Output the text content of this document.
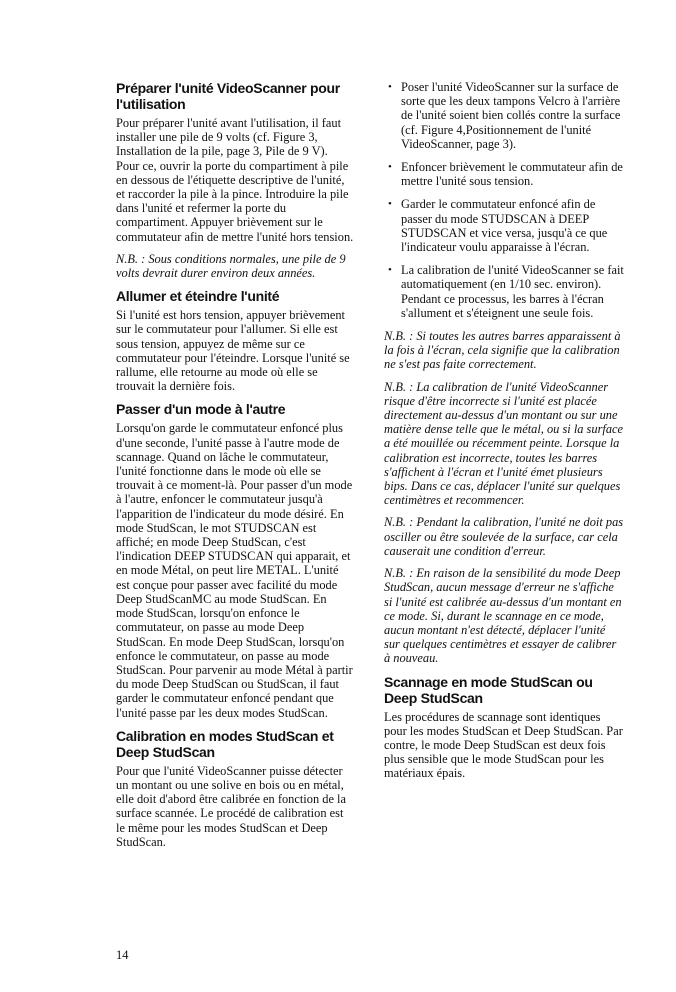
Préparer l'unité VideoScanner pour l'utilisation

Pour préparer l'unité avant l'utilisation, il faut installer une pile de 9 volts (cf. Figure 3, Installation de la pile, page 3, Pile de 9 V). Pour ce, ouvrir la porte du compartiment à pile en dessous de l'étiquette descriptive de l'unité, et raccorder la pile à la pince. Introduire la pile dans l'unité et refermer la porte du compartiment. Appuyer brièvement sur le commutateur afin de mettre l'unité hors tension.

N.B. : Sous conditions normales, une pile de 9 volts devrait durer environ deux années.

Allumer et éteindre l'unité

Si l'unité est hors tension, appuyer brièvement sur le commutateur pour l'allumer. Si elle est sous tension, appuyez de même sur ce commutateur pour l'éteindre. Lorsque l'unité se rallume, elle retourne au mode où elle se trouvait la dernière fois.

Passer d'un mode à l'autre

Lorsqu'on garde le commutateur enfoncé plus d'une seconde, l'unité passe à l'autre mode de scannage. Quand on lâche le commutateur, l'unité fonctionne dans le mode où elle se trouvait à ce moment-là. Pour passer d'un mode à l'autre, enfoncer le commutateur jusqu'à l'apparition de l'indicateur du mode désiré. En mode StudScan, le mot STUDSCAN est affiché; en mode Deep StudScan, c'est l'indication DEEP STUDSCAN qui apparait, et en mode Métal, on peut lire METAL. L'unité est conçue pour passer avec facilité du mode Deep StudScanMC au mode StudScan. En mode StudScan, lorsqu'on enfonce le commutateur, on passe au mode Deep StudScan. En mode Deep StudScan, lorsqu'on enfonce le commutateur, on passe au mode StudScan. Pour parvenir au mode Métal à partir du mode Deep StudScan ou StudScan, il faut garder le commutateur enfoncé pendant que l'unité passe par les deux modes StudScan.

Calibration en modes StudScan et Deep StudScan

Pour que l'unité VideoScanner puisse détecter un montant ou une solive en bois ou en métal, elle doit d'abord être calibrée en fonction de la surface scannée. Le procédé de calibration est le même pour les modes StudScan et Deep StudScan.

• Poser l'unité VideoScanner sur la surface de sorte que les deux tampons Velcro à l'arrière de l'unité soient bien collés contre la surface (cf. Figure 4,Positionnement de l'unité VideoScanner, page 3).
• Enfoncer brièvement le commutateur afin de mettre l'unité sous tension.
• Garder le commutateur enfoncé afin de passer du mode STUDSCAN à DEEP STUDSCAN et vice versa, jusqu'à ce que l'indicateur voulu apparaisse à l'écran.
• La calibration de l'unité VideoScanner se fait automatiquement (en 1/10 sec. environ). Pendant ce processus, les barres à l'écran s'allument et s'éteignent une seule fois.

N.B. : Si toutes les autres barres apparaissent à la fois à l'écran, cela signifie que la calibration ne s'est pas faite correctement.

N.B. : La calibration de l'unité VideoScanner risque d'être incorrecte si l'unité est placée directement au-dessus d'un montant ou sur une matière dense telle que le métal, ou si la surface a été mouillée ou récemment peinte. Lorsque la calibration est incorrecte, toutes les barres s'affichent à l'écran et l'unité émet plusieurs bips. Dans ce cas, déplacer l'unité sur quelques centimètres et recommencer.

N.B. : Pendant la calibration, l'unité ne doit pas osciller ou être soulevée de la surface, car cela causerait une condition d'erreur.

N.B. : En raison de la sensibilité du mode Deep StudScan, aucun message d'erreur ne s'affiche si l'unité est calibrée au-dessus d'un montant en ce mode. Si, durant le scannage en ce mode, aucun montant n'est détecté, déplacer l'unité sur quelques centimètres et essayer de calibrer à nouveau.

Scannage en mode StudScan ou Deep StudScan

Les procédures de scannage sont identiques pour les modes StudScan et Deep StudScan. Par contre, le mode Deep StudScan est deux fois plus sensible que le mode StudScan pour les matériaux épais.

14
